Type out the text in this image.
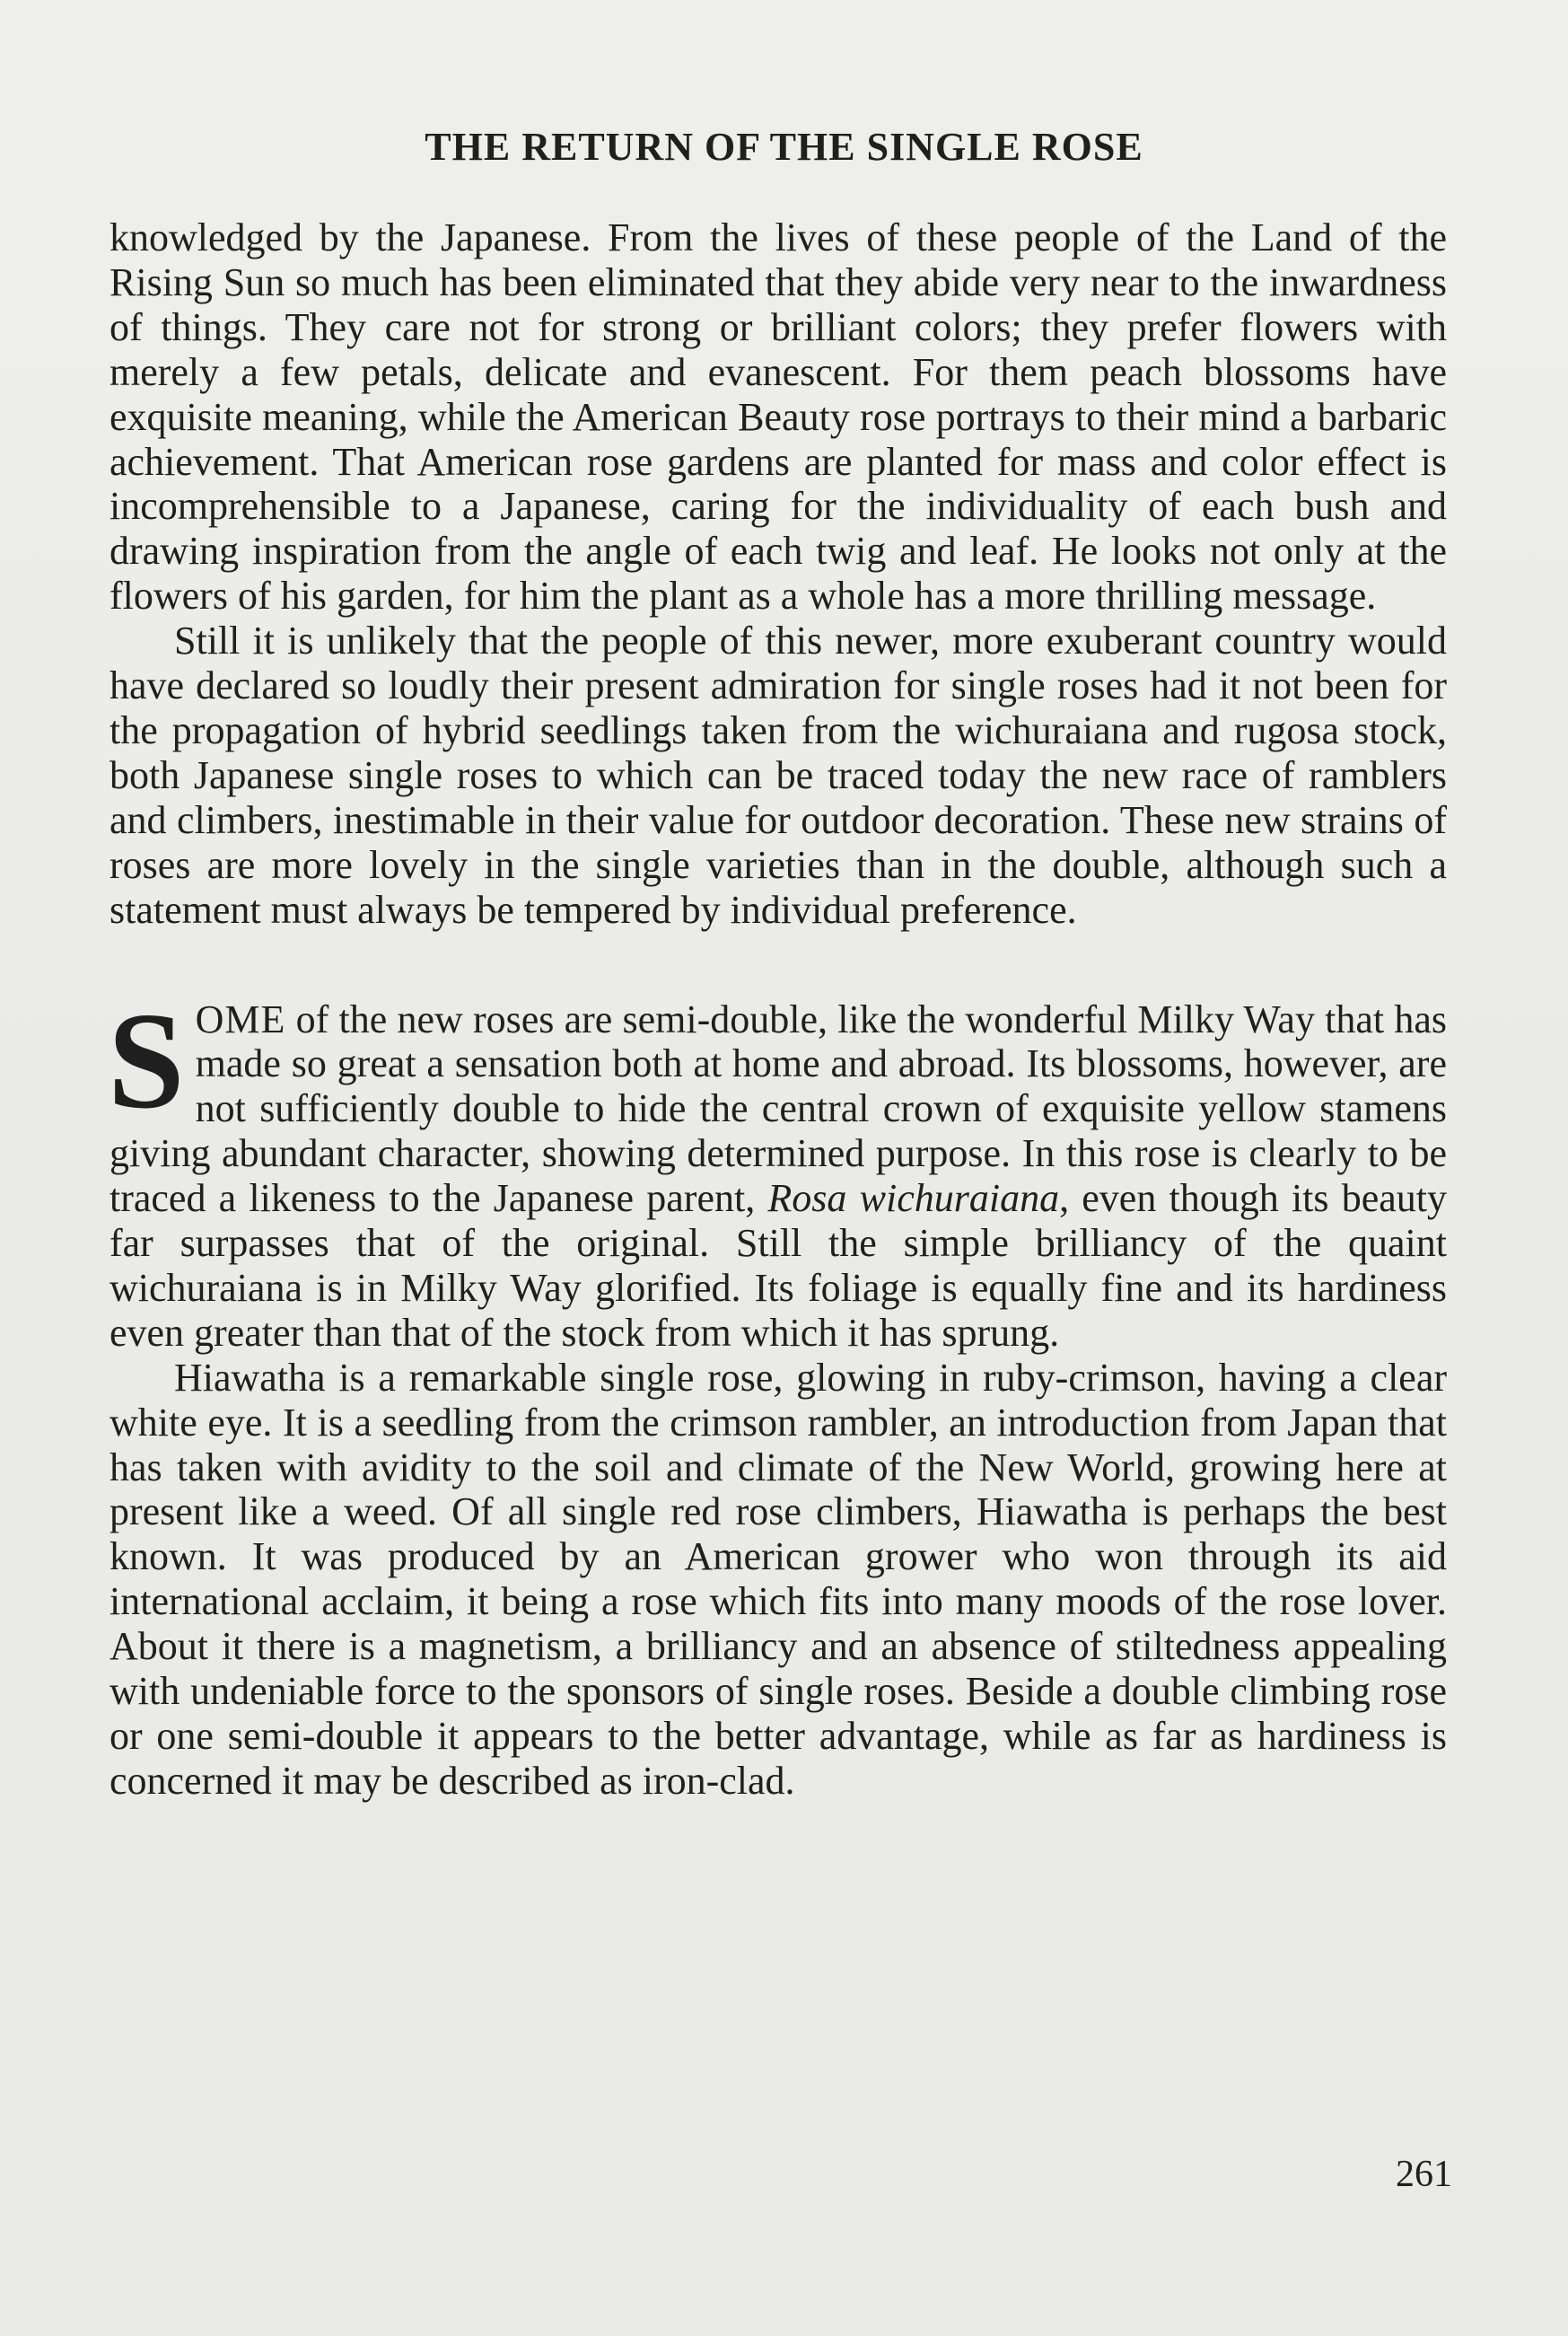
THE RETURN OF THE SINGLE ROSE

knowledged by the Japanese. From the lives of these people of the Land of the Rising Sun so much has been eliminated that they abide very near to the inwardness of things. They care not for strong or brilliant colors; they prefer flowers with merely a few petals, delicate and evanescent. For them peach blossoms have exquisite meaning, while the American Beauty rose portrays to their mind a barbaric achievement. That American rose gardens are planted for mass and color effect is incomprehensible to a Japanese, caring for the individuality of each bush and drawing inspiration from the angle of each twig and leaf. He looks not only at the flowers of his garden, for him the plant as a whole has a more thrilling message.

Still it is unlikely that the people of this newer, more exuberant country would have declared so loudly their present admiration for single roses had it not been for the propagation of hybrid seedlings taken from the wichuraiana and rugosa stock, both Japanese single roses to which can be traced today the new race of ramblers and climbers, inestimable in their value for outdoor decoration. These new strains of roses are more lovely in the single varieties than in the double, although such a statement must always be tempered by individual preference.

SOME of the new roses are semi-double, like the wonderful Milky Way that has made so great a sensation both at home and abroad. Its blossoms, however, are not sufficiently double to hide the central crown of exquisite yellow stamens giving abundant character, showing determined purpose. In this rose is clearly to be traced a likeness to the Japanese parent, Rosa wichuraiana, even though its beauty far surpasses that of the original. Still the simple brilliancy of the quaint wichuraiana is in Milky Way glorified. Its foliage is equally fine and its hardiness even greater than that of the stock from which it has sprung.

Hiawatha is a remarkable single rose, glowing in ruby-crimson, having a clear white eye. It is a seedling from the crimson rambler, an introduction from Japan that has taken with avidity to the soil and climate of the New World, growing here at present like a weed. Of all single red rose climbers, Hiawatha is perhaps the best known. It was produced by an American grower who won through its aid international acclaim, it being a rose which fits into many moods of the rose lover. About it there is a magnetism, a brilliancy and an absence of stiltedness appealing with undeniable force to the sponsors of single roses. Beside a double climbing rose or one semi-double it appears to the better advantage, while as far as hardiness is concerned it may be described as iron-clad.

261
